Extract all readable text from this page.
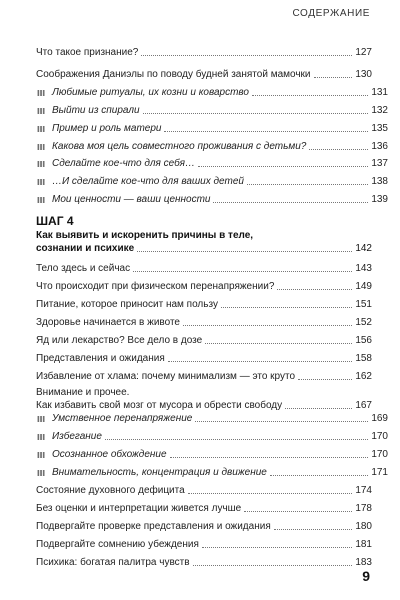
СОДЕРЖАНИЕ
ШАГ 4
Как выявить и искоренить причины в теле,
сознании и психике	142
Внимание и прочее.
Как избавить свой мозг от мусора и обрести свободу	167
9
Что такое признание?	127
Соображения Даниэлы по поводу будней занятой мамочки	130
Любимые ритуалы, их козни и коварство	131
Выйти из спирали	132
Пример и роль матери	135
Какова моя цель совместного проживания с детьми?	136
Сделайте кое-что для себя…	137
…И сделайте кое-что для ваших детей	138
Мои ценности — ваши ценности	139
Тело здесь и сейчас	143
Что происходит при физическом перенапряжении?	149
Питание, которое приносит нам пользу	151
Здоровье начинается в животе	152
Яд или лекарство? Все дело в дозе	156
Представления и ожидания	158
Избавление от хлама: почему минимализм — это круто	162
Умственное перенапряжение	169
Избегание	170
Осознанное обхождение	170
Внимательность, концентрация и движение	171
Состояние духовного дефицита	174
Без оценки и интерпретации живется лучше	178
Подвергайте проверке представления и ожидания	180
Подвергайте сомнению убеждения	181
Психика: богатая палитра чувств	183
